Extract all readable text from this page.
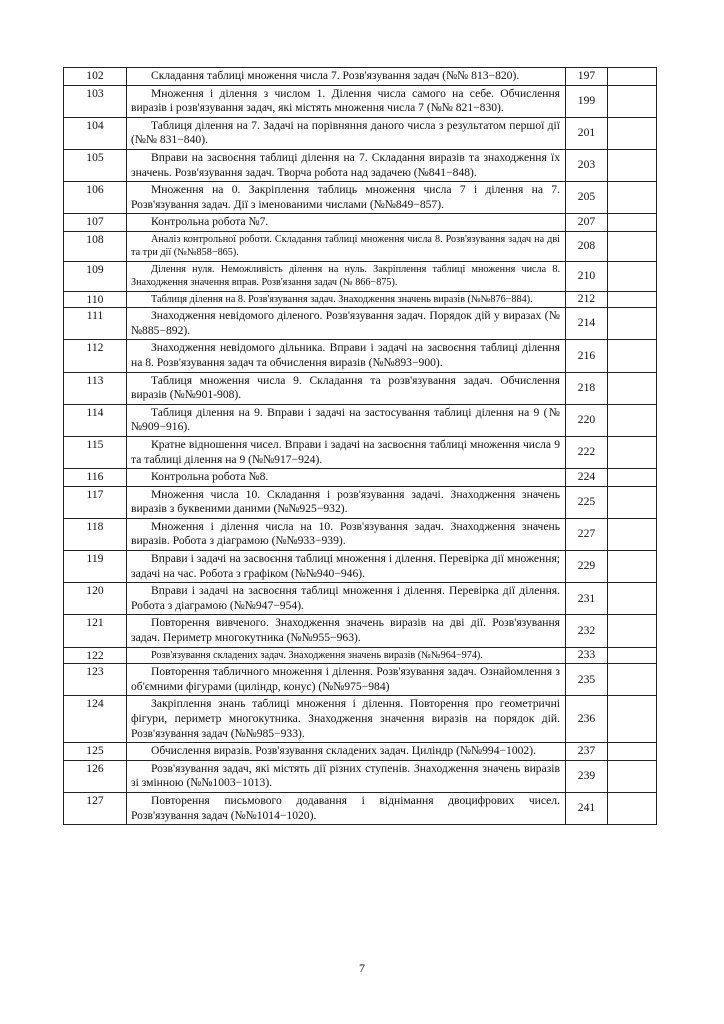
102	Складання таблиці множення числа 7. Розв'язування задач (№№ 813−820).	197	
103	Множення і ділення з числом 1. Ділення числа самого на себе. Обчислення виразів і розв'язування задач, які містять множення числа 7 (№№ 821−830).	199	
104	Таблиця ділення на 7. Задачі на порівняння даного числа з результатом першої дії (№№ 831−840).	201	
105	Вправи на засвоєння таблиці ділення на 7. Складання виразів та знаходження їх значень. Розв'язування задач. Творча робота над задачею (№841−848).	203	
106	Множення на 0. Закріплення таблиць множення числа 7 і ділення на 7. Розв'язування задач. Дії з іменованими числами (№№849−857).	205	
107	Контрольна робота №7.	207	
108	Аналіз контрольної роботи. Складання таблиці множення числа 8. Розв'язування задач на дві та три дії (№№858−865).	208	
109	Ділення нуля. Неможливість ділення на нуль. Закріплення таблиці множення числа 8. Знаходження значення вправ. Розв'язання задач (№ 866−875).	210	
110	Таблиця ділення на 8. Розв'язування задач. Знаходження значень виразів (№№876−884).	212	
111	Знаходження невідомого діленого. Розв'язування задач. Порядок дій у виразах (№№885−892).	214	
112	Знаходження невідомого дільника. Вправи і задачі на засвоєння таблиці ділення на 8. Розв'язування задач та обчислення виразів (№№893−900).	216	
113	Таблиця множення числа 9. Складання та розв'язування задач. Обчислення виразів (№№901-908).	218	
114	Таблиця ділення на 9. Вправи і задачі на застосування таблиці ділення на 9 (№№909−916).	220	
115	Кратне відношення чисел. Вправи і задачі на засвоєння таблиці множення числа 9 та таблиці ділення на 9 (№№917−924).	222	
116	Контрольна робота №8.	224	
117	Множення числа 10. Складання і розв'язування задачі. Знаходження значень виразів з буквеними даними (№№925−932).	225	
118	Множення і ділення числа на 10. Розв'язування задач. Знаходження значень виразів. Робота з діаграмою (№№933−939).	227	
119	Вправи і задачі на засвоєння таблиці множення і ділення. Перевірка дії множення; задачі на час. Робота з графіком (№№940−946).	229	
120	Вправи і задачі на засвоєння таблиці множення і ділення. Перевірка дії ділення. Робота з діаграмою (№№947−954).	231	
121	Повторення вивченого. Знаходження значень виразів на дві дії. Розв'язування задач. Периметр многокутника (№№955−963).	232	
122	Розв'язування складених задач. Знаходження значень виразів (№№964−974).	233	
123	Повторення табличного множення і ділення. Розв'язування задач. Ознайомлення з об'ємними фігурами (циліндр, конус) (№№975−984)	235	
124	Закріплення знань таблиці множення і ділення. Повторення про геометричні фігури, периметр многокутника. Знаходження значення виразів на порядок дій. Розв'язування задач (№№985−933).	236	
125	Обчислення виразів. Розв'язування складених задач. Циліндр (№№994−1002).	237	
126	Розв'язування задач, які містять дії різних ступенів. Знаходження значень виразів зі змінною (№№1003−1013).	239	
127	Повторення письмового додавання і віднімання двоцифрових чисел. Розв'язування задач (№№1014−1020).	241	
7
